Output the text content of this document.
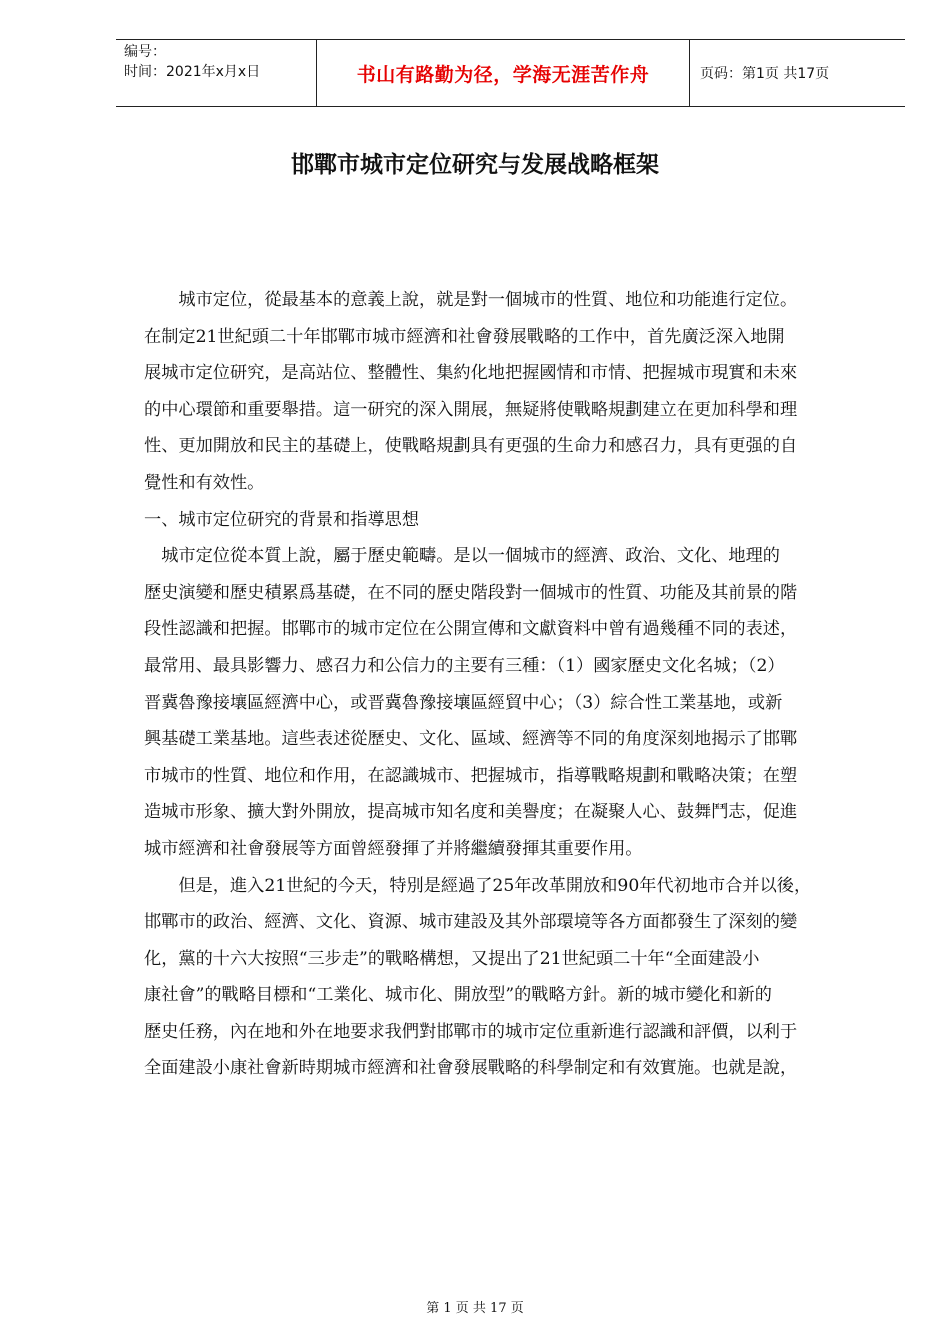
编号：
时间：2021年x月x日	书山有路勤为径，学海无涯苦作舟	页码：第1页 共17页
邯鄲市城市定位研究与发展战略框架
　　城市定位，從最基本的意義上說，就是對一個城市的性質、地位和功能進行定位。
在制定21世紀頭二十年邯鄲市城市經濟和社會發展戰略的工作中，首先廣泛深入地開
展城市定位研究，是高站位、整體性、集約化地把握國情和市情、把握城市現實和未來
的中心環節和重要舉措。這一研究的深入開展，無疑將使戰略規劃建立在更加科學和理
性、更加開放和民主的基礎上，使戰略規劃具有更强的生命力和感召力，具有更强的自
覺性和有效性。
一、城市定位研究的背景和指導思想
　城市定位從本質上說，屬于歷史範疇。是以一個城市的經濟、政治、文化、地理的
歷史演變和歷史積累爲基礎，在不同的歷史階段對一個城市的性質、功能及其前景的階
段性認識和把握。邯鄲市的城市定位在公開宣傳和文獻資料中曾有過幾種不同的表述，
最常用、最具影響力、感召力和公信力的主要有三種：（1）國家歷史文化名城；（2）
晋冀魯豫接壤區經濟中心，或晋冀魯豫接壤區經貿中心；（3）綜合性工業基地，或新
興基礎工業基地。這些表述從歷史、文化、區域、經濟等不同的角度深刻地揭示了邯鄲
市城市的性質、地位和作用，在認識城市、把握城市，指導戰略規劃和戰略决策；在塑
造城市形象、擴大對外開放，提高城市知名度和美譽度；在凝聚人心、鼓舞鬥志，促進
城市經濟和社會發展等方面曾經發揮了并將繼續發揮其重要作用。
　　但是，進入21世紀的今天，特別是經過了25年改革開放和90年代初地市合并以後，
邯鄲市的政治、經濟、文化、資源、城市建設及其外部環境等各方面都發生了深刻的變
化，黨的十六大按照“三步走”的戰略構想，又提出了21世紀頭二十年“全面建設小
康社會”的戰略目標和“工業化、城市化、開放型”的戰略方針。新的城市變化和新的
歷史任務，內在地和外在地要求我們對邯鄲市的城市定位重新進行認識和評價，以利于
全面建設小康社會新時期城市經濟和社會發展戰略的科學制定和有效實施。也就是說，
第 1 页 共 17 页
